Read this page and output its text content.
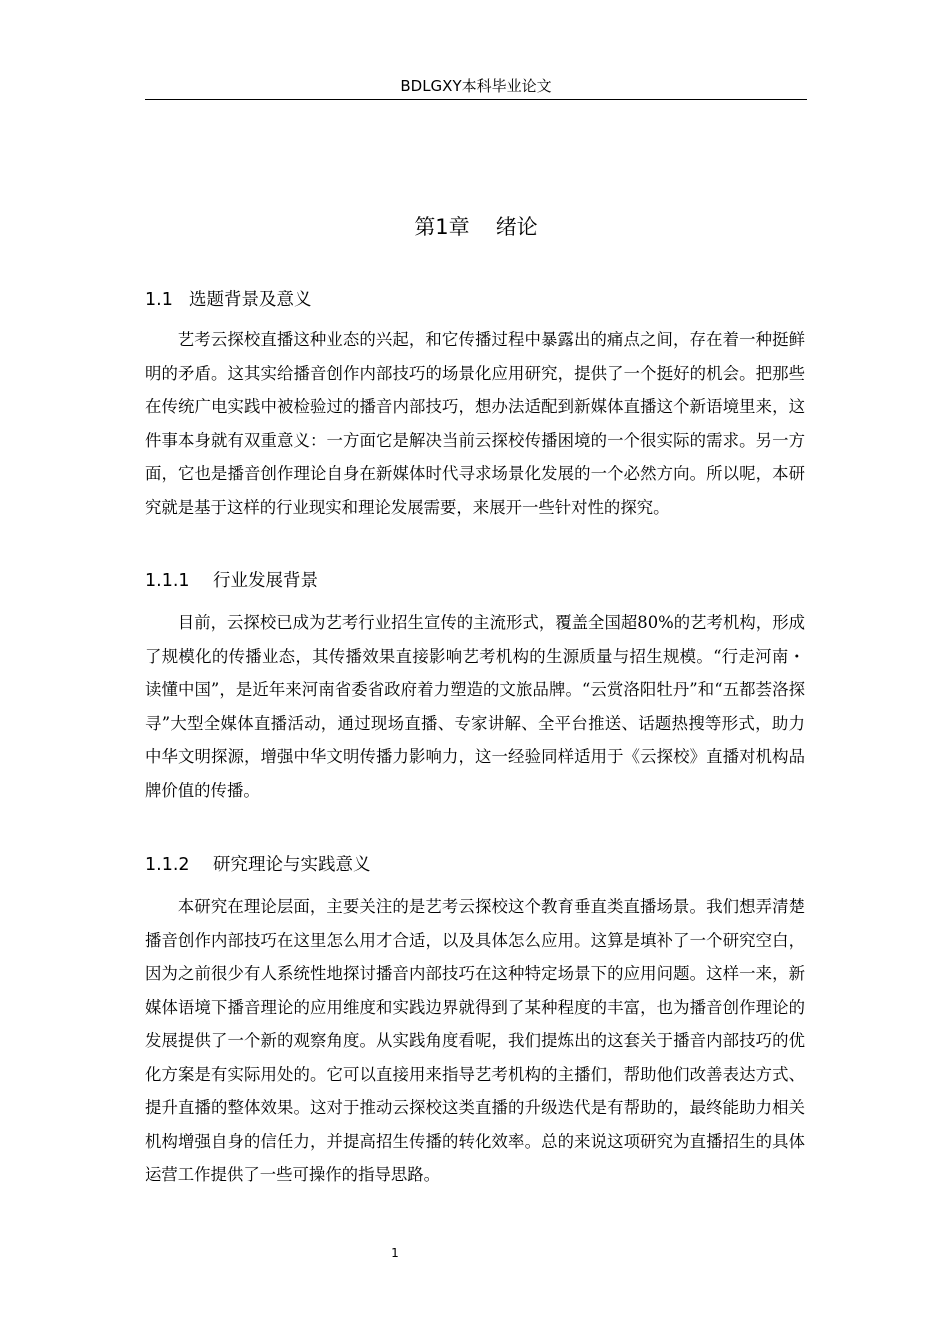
BDLGXY本科毕业论文
第1章 绪论
1.1 选题背景及意义

艺考云探校直播这种业态的兴起，和它传播过程中暴露出的痛点之间，存在着一种挺鲜明的矛盾。这其实给播音创作内部技巧的场景化应用研究，提供了一个挺好的机会。把那些在传统广电实践中被检验过的播音内部技巧，想办法适配到新媒体直播这个新语境里来，这件事本身就有双重意义：一方面它是解决当前云探校传播困境的一个很实际的需求。另一方面，它也是播音创作理论自身在新媒体时代寻求场景化发展的一个必然方向。所以呢，本研究就是基于这样的行业现实和理论发展需要，来展开一些针对性的探究。

1.1.1 行业发展背景

目前，云探校已成为艺考行业招生宣传的主流形式，覆盖全国超80%的艺考机构，形成了规模化的传播业态，其传播效果直接影响艺考机构的生源质量与招生规模。“行走河南・读懂中国”，是近年来河南省委省政府着力塑造的文旅品牌。“云赏洛阳牡丹”和“五都荟洛探寻”大型全媒体直播活动，通过现场直播、专家讲解、全平台推送、话题热搜等形式，助力中华文明探源，增强中华文明传播力影响力，这一经验同样适用于《云探校》直播对机构品牌价值的传播。

1.1.2 研究理论与实践意义

本研究在理论层面，主要关注的是艺考云探校这个教育垂直类直播场景。我们想弄清楚播音创作内部技巧在这里怎么用才合适，以及具体怎么应用。这算是填补了一个研究空白，因为之前很少有人系统性地探讨播音内部技巧在这种特定场景下的应用问题。这样一来，新媒体语境下播音理论的应用维度和实践边界就得到了某种程度的丰富，也为播音创作理论的发展提供了一个新的观察角度。从实践角度看呢，我们提炼出的这套关于播音内部技巧的优化方案是有实际用处的。它可以直接用来指导艺考机构的主播们，帮助他们改善表达方式、提升直播的整体效果。这对于推动云探校这类直播的升级迭代是有帮助的，最终能助力相关机构增强自身的信任力，并提高招生传播的转化效率。总的来说这项研究为直播招生的具体运营工作提供了一些可操作的指导思路。

1
